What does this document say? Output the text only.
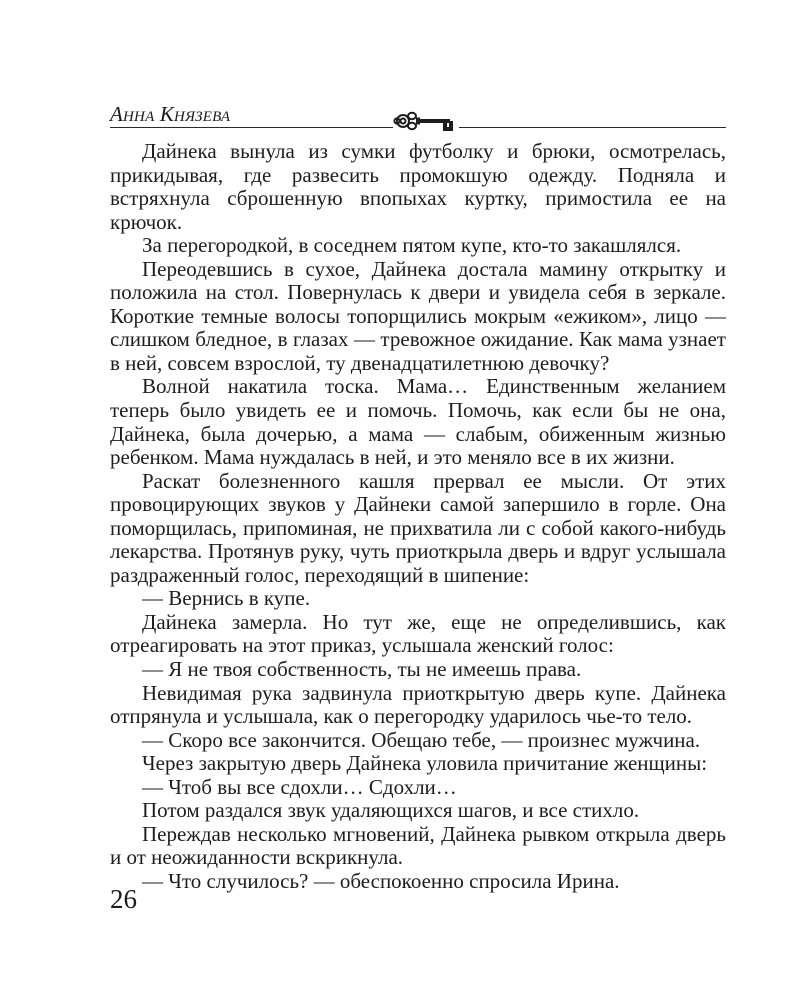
Анна Князева

Дайнека вынула из сумки футболку и брюки, осмотрелась, прикидывая, где развесить промокшую одежду. Подняла и встряхнула сброшенную впопыхах куртку, примостила ее на крючок.

За перегородкой, в соседнем пятом купе, кто-то закашлялся.

Переодевшись в сухое, Дайнека достала мамину открытку и положила на стол. Повернулась к двери и увидела себя в зеркале. Короткие темные волосы топорщились мокрым «ежиком», лицо — слишком бледное, в глазах — тревожное ожидание. Как мама узнает в ней, совсем взрослой, ту двенадцатилетнюю девочку?

Волной накатила тоска. Мама… Единственным желанием теперь было увидеть ее и помочь. Помочь, как если бы не она, Дайнека, была дочерью, а мама — слабым, обиженным жизнью ребенком. Мама нуждалась в ней, и это меняло все в их жизни.

Раскат болезненного кашля прервал ее мысли. От этих провоцирующих звуков у Дайнеки самой запершило в горле. Она поморщилась, припоминая, не прихватила ли с собой какого-нибудь лекарства. Протянув руку, чуть приоткрыла дверь и вдруг услышала раздраженный голос, переходящий в шипение:

— Вернись в купе.

Дайнека замерла. Но тут же, еще не определившись, как отреагировать на этот приказ, услышала женский голос:

— Я не твоя собственность, ты не имеешь права.

Невидимая рука задвинула приоткрытую дверь купе. Дайнека отпрянула и услышала, как о перегородку ударилось чье-то тело.

— Скоро все закончится. Обещаю тебе, — произнес мужчина.

Через закрытую дверь Дайнека уловила причитание женщины:

— Чтоб вы все сдохли… Сдохли…

Потом раздался звук удаляющихся шагов, и все стихло.

Переждав несколько мгновений, Дайнека рывком открыла дверь и от неожиданности вскрикнула.

— Что случилось? — обеспокоенно спросила Ирина.

26
